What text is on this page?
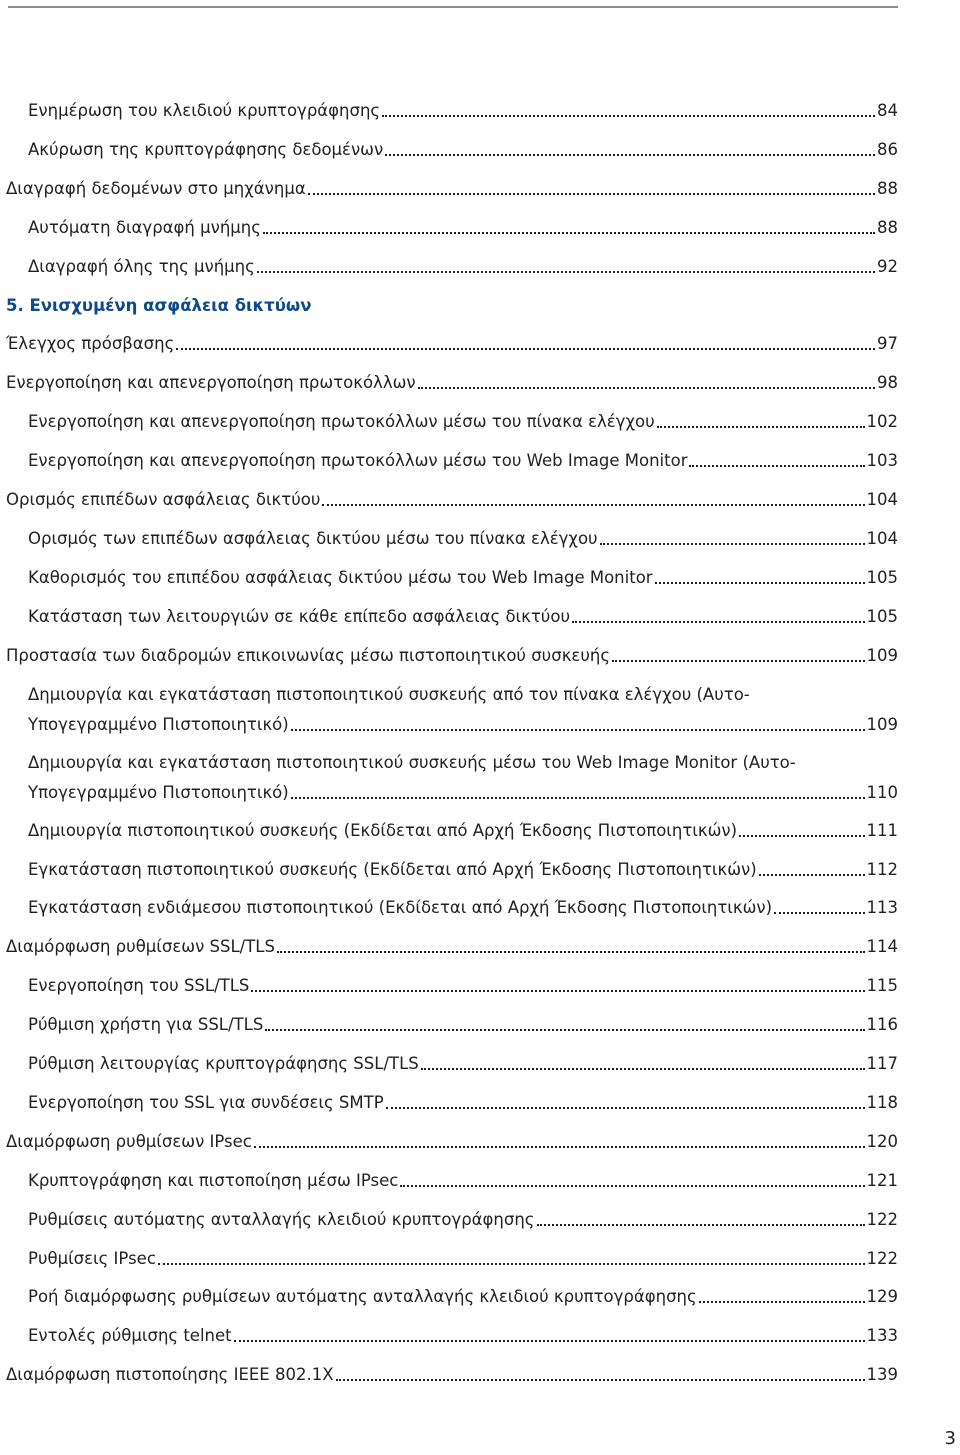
Ενημέρωση του κλειδιού κρυπτογράφησης	84
Ακύρωση της κρυπτογράφησης δεδομένων	86
Διαγραφή δεδομένων στο μηχάνημα	88
Αυτόματη διαγραφή μνήμης	88
Διαγραφή όλης της μνήμης	92
5. Ενισχυμένη ασφάλεια δικτύων
Έλεγχος πρόσβασης	97
Ενεργοποίηση και απενεργοποίηση πρωτοκόλλων	98
Ενεργοποίηση και απενεργοποίηση πρωτοκόλλων μέσω του πίνακα ελέγχου	102
Ενεργοποίηση και απενεργοποίηση πρωτοκόλλων μέσω του Web Image Monitor	103
Ορισμός επιπέδων ασφάλειας δικτύου	104
Ορισμός των επιπέδων ασφάλειας δικτύου μέσω του πίνακα ελέγχου	104
Καθορισμός του επιπέδου ασφάλειας δικτύου μέσω του Web Image Monitor	105
Κατάσταση των λειτουργιών σε κάθε επίπεδο ασφάλειας δικτύου	105
Προστασία των διαδρομών επικοινωνίας μέσω πιστοποιητικού συσκευής	109
Δημιουργία και εγκατάσταση πιστοποιητικού συσκευής από τον πίνακα ελέγχου (Αυτο-
Υπογεγραμμένο Πιστοποιητικό)	109
Δημιουργία και εγκατάσταση πιστοποιητικού συσκευής μέσω του Web Image Monitor (Αυτο-
Υπογεγραμμένο Πιστοποιητικό)	110
Δημιουργία πιστοποιητικού συσκευής (Εκδίδεται από Αρχή Έκδοσης Πιστοποιητικών)	111
Εγκατάσταση πιστοποιητικού συσκευής (Εκδίδεται από Αρχή Έκδοσης Πιστοποιητικών)	112
Εγκατάσταση ενδιάμεσου πιστοποιητικού (Εκδίδεται από Αρχή Έκδοσης Πιστοποιητικών)	113
Διαμόρφωση ρυθμίσεων SSL/TLS	114
Ενεργοποίηση του SSL/TLS	115
Ρύθμιση χρήστη για SSL/TLS	116
Ρύθμιση λειτουργίας κρυπτογράφησης SSL/TLS	117
Ενεργοποίηση του SSL για συνδέσεις SMTP	118
Διαμόρφωση ρυθμίσεων IPsec	120
Κρυπτογράφηση και πιστοποίηση μέσω IPsec	121
Ρυθμίσεις αυτόματης ανταλλαγής κλειδιού κρυπτογράφησης	122
Ρυθμίσεις IPsec	122
Ροή διαμόρφωσης ρυθμίσεων αυτόματης ανταλλαγής κλειδιού κρυπτογράφησης	129
Εντολές ρύθμισης telnet	133
Διαμόρφωση πιστοποίησης IEEE 802.1X	139
3
